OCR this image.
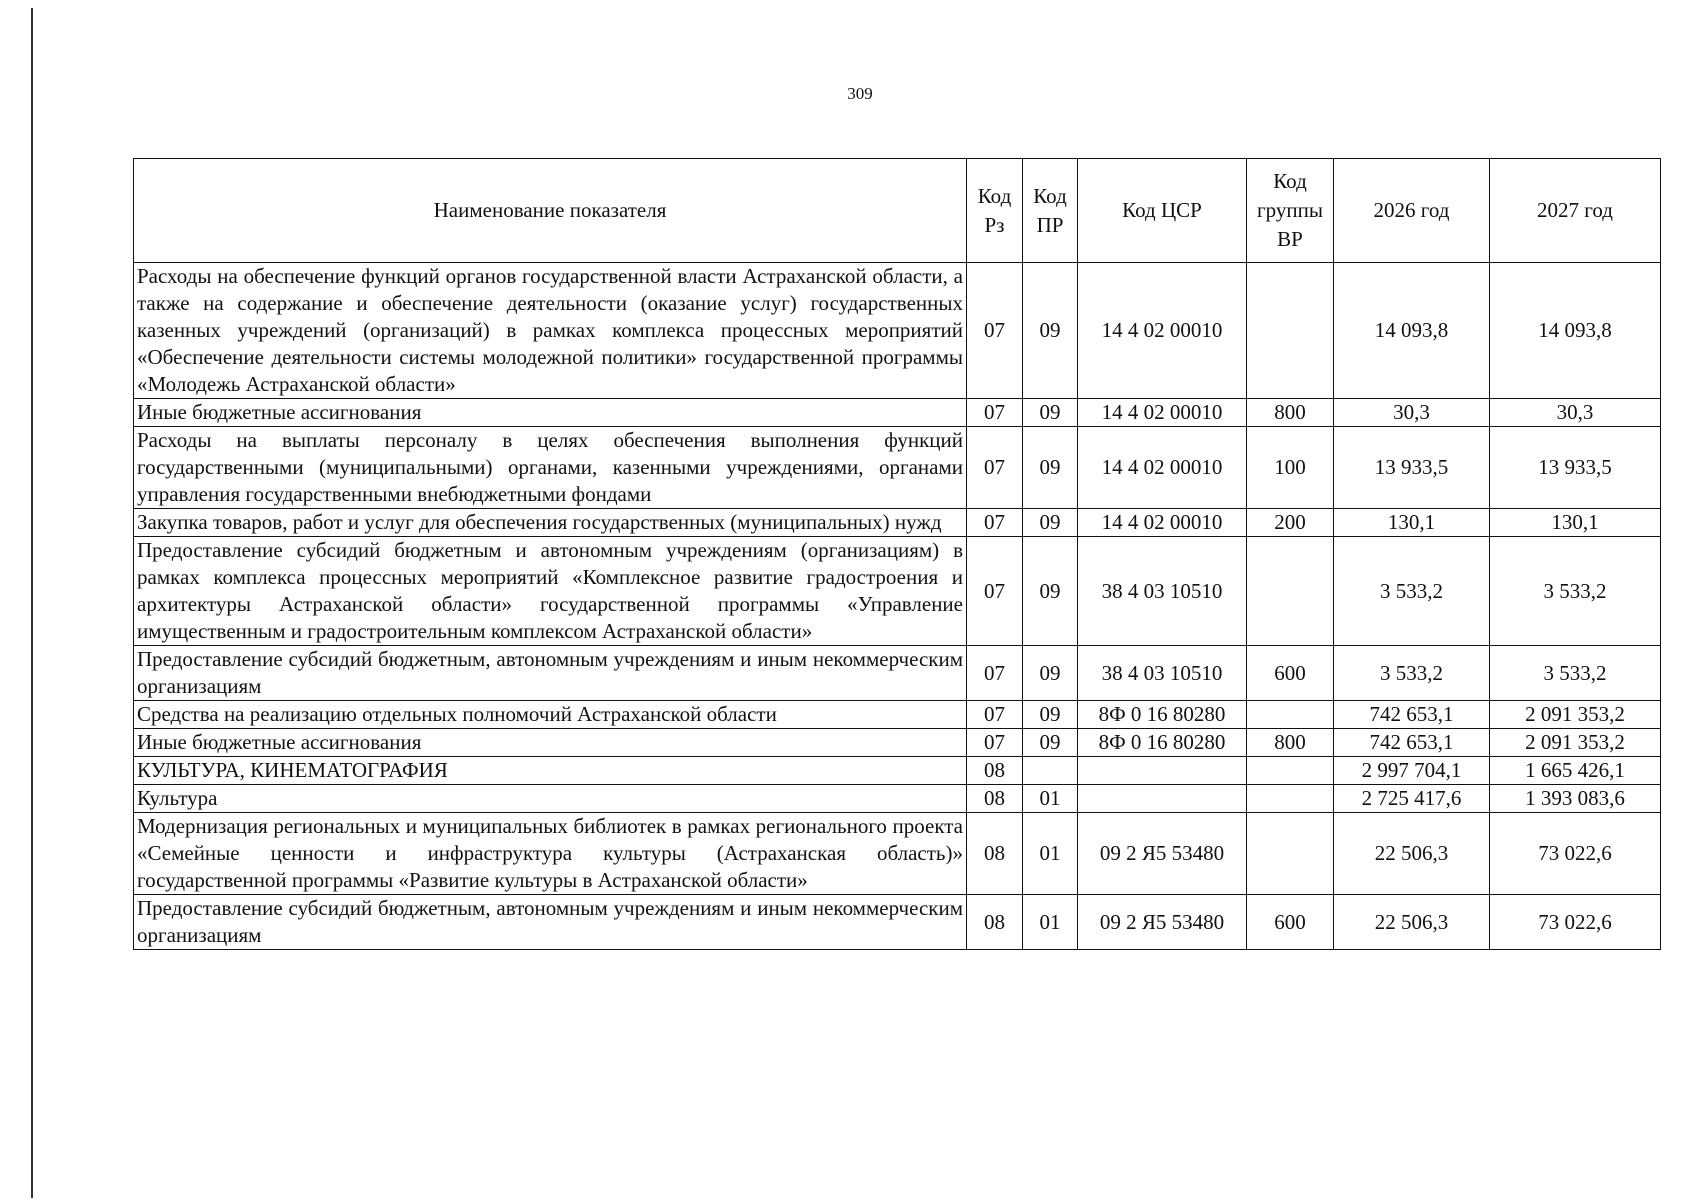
309
Наименование показателя	Код Рз	Код ПР	Код ЦСР	Код группы ВР	2026 год	2027 год
Расходы на обеспечение функций органов государственной власти Астраханской области, а также на содержание и обеспечение деятельности (оказание услуг) государственных казенных учреждений (организаций) в рамках комплекса процессных мероприятий «Обеспечение деятельности системы молодежной политики» государственной программы «Молодежь Астраханской области»	07	09	14 4 02 00010		14 093,8	14 093,8
Иные бюджетные ассигнования	07	09	14 4 02 00010	800	30,3	30,3
Расходы на выплаты персоналу в целях обеспечения выполнения функций государственными (муниципальными) органами, казенными учреждениями, органами управления государственными внебюджетными фондами	07	09	14 4 02 00010	100	13 933,5	13 933,5
Закупка товаров, работ и услуг для обеспечения государственных (муниципальных) нужд	07	09	14 4 02 00010	200	130,1	130,1
Предоставление субсидий бюджетным и автономным учреждениям (организациям) в рамках комплекса процессных мероприятий «Комплексное развитие градостроения и архитектуры Астраханской области» государственной программы «Управление имущественным и градостроительным комплексом Астраханской области»	07	09	38 4 03 10510		3 533,2	3 533,2
Предоставление субсидий бюджетным, автономным учреждениям и иным некоммерческим организациям	07	09	38 4 03 10510	600	3 533,2	3 533,2
Средства на реализацию отдельных полномочий Астраханской области	07	09	8Ф 0 16 80280		742 653,1	2 091 353,2
Иные бюджетные ассигнования	07	09	8Ф 0 16 80280	800	742 653,1	2 091 353,2
КУЛЬТУРА, КИНЕМАТОГРАФИЯ	08				2 997 704,1	1 665 426,1
Культура	08	01			2 725 417,6	1 393 083,6
Модернизация региональных и муниципальных библиотек в рамках регионального проекта «Семейные ценности и инфраструктура культуры (Астраханская область)» государственной программы «Развитие культуры в Астраханской области»	08	01	09 2 Я5 53480		22 506,3	73 022,6
Предоставление субсидий бюджетным, автономным учреждениям и иным некоммерческим организациям	08	01	09 2 Я5 53480	600	22 506,3	73 022,6
